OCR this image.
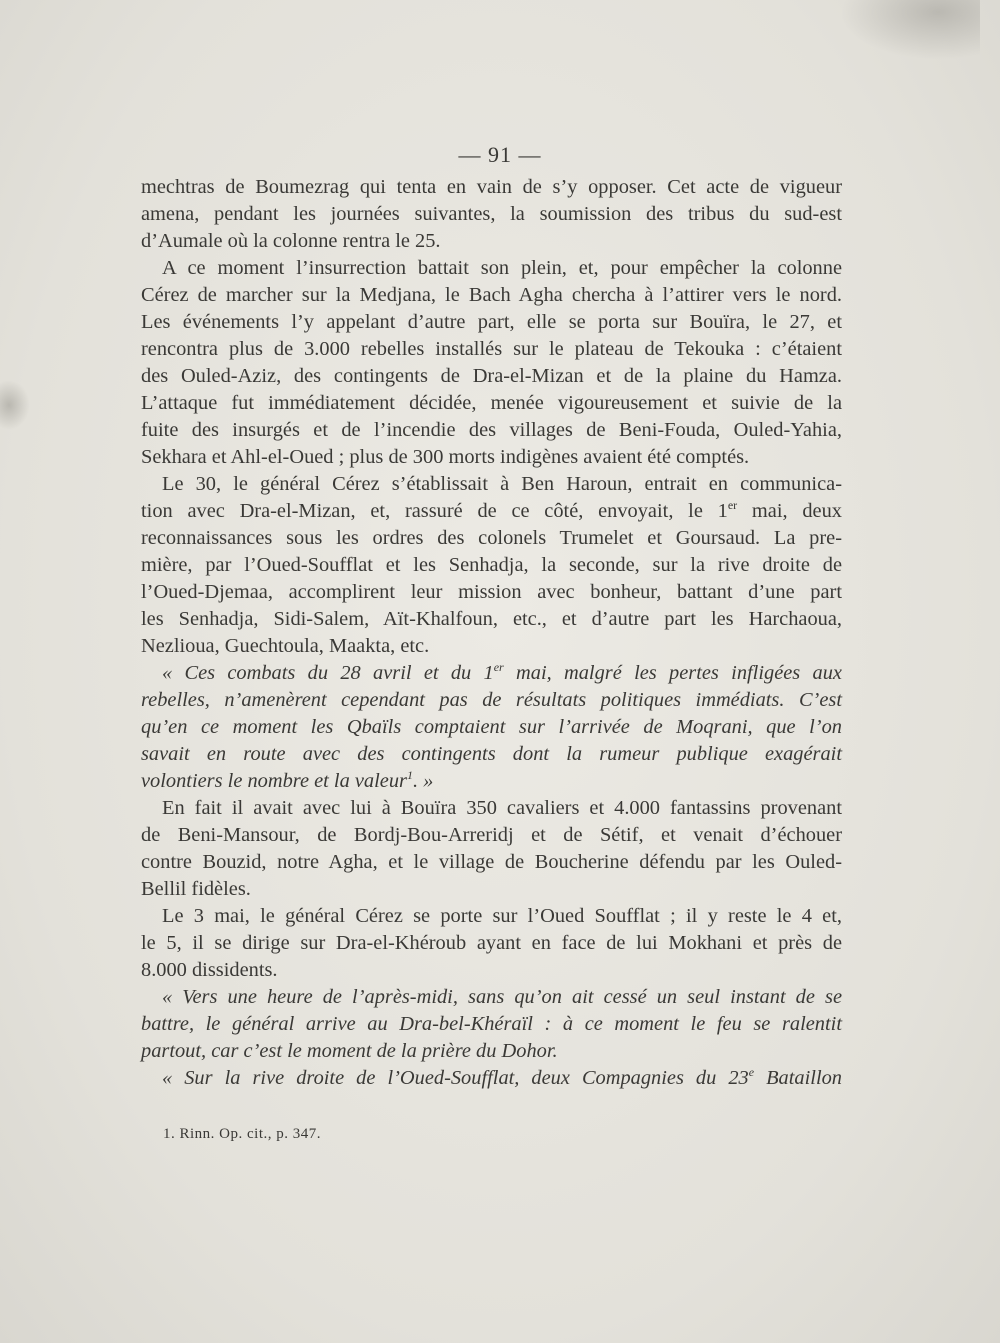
— 91 —
mechtras de Boumezrag qui tenta en vain de s’y opposer. Cet acte de vigueur
amena, pendant les journées suivantes, la soumission des tribus du sud-est
d’Aumale où la colonne rentra le 25.
A ce moment l’insurrection battait son plein, et, pour empêcher la colonne
Cérez de marcher sur la Medjana, le Bach Agha chercha à l’attirer vers le nord.
Les événements l’y appelant d’autre part, elle se porta sur Bouïra, le 27, et
rencontra plus de 3.000 rebelles installés sur le plateau de Tekouka : c’étaient
des Ouled-Aziz, des contingents de Dra-el-Mizan et de la plaine du Hamza.
L’attaque fut immédiatement décidée, menée vigoureusement et suivie de la
fuite des insurgés et de l’incendie des villages de Beni-Fouda, Ouled-Yahia,
Sekhara et Ahl-el-Oued ; plus de 300 morts indigènes avaient été comptés.
Le 30, le général Cérez s’établissait à Ben Haroun, entrait en communica-
tion avec Dra-el-Mizan, et, rassuré de ce côté, envoyait, le 1er mai, deux
reconnaissances sous les ordres des colonels Trumelet et Goursaud. La pre-
mière, par l’Oued-Soufflat et les Senhadja, la seconde, sur la rive droite de
l’Oued-Djemaa, accomplirent leur mission avec bonheur, battant d’une part
les Senhadja, Sidi-Salem, Aït-Khalfoun, etc., et d’autre part les Harchaoua,
Nezlioua, Guechtoula, Maakta, etc.
« Ces combats du 28 avril et du 1er mai, malgré les pertes infligées aux
rebelles, n’amenèrent cependant pas de résultats politiques immédiats. C’est
qu’en ce moment les Qbaïls comptaient sur l’arrivée de Moqrani, que l’on
savait en route avec des contingents dont la rumeur publique exagérait
volontiers le nombre et la valeur$^1$. »
En fait il avait avec lui à Bouïra 350 cavaliers et 4.000 fantassins provenant
de Beni-Mansour, de Bordj-Bou-Arreridj et de Sétif, et venait d’échouer
contre Bouzid, notre Agha, et le village de Boucherine défendu par les Ouled-
Bellil fidèles.
Le 3 mai, le général Cérez se porte sur l’Oued Soufflat ; il y reste le 4 et,
le 5, il se dirige sur Dra-el-Khéroub ayant en face de lui Mokhani et près de
8.000 dissidents.
« Vers une heure de l’après-midi, sans qu’on ait cessé un seul instant de se
battre, le général arrive au Dra-bel-Khéraïl : à ce moment le feu se ralentit
partout, car c’est le moment de la prière du Dohor.
« Sur la rive droite de l’Oued-Soufflat, deux Compagnies du 23e Bataillon
1. Rinn. Op. cit., p. 347.
